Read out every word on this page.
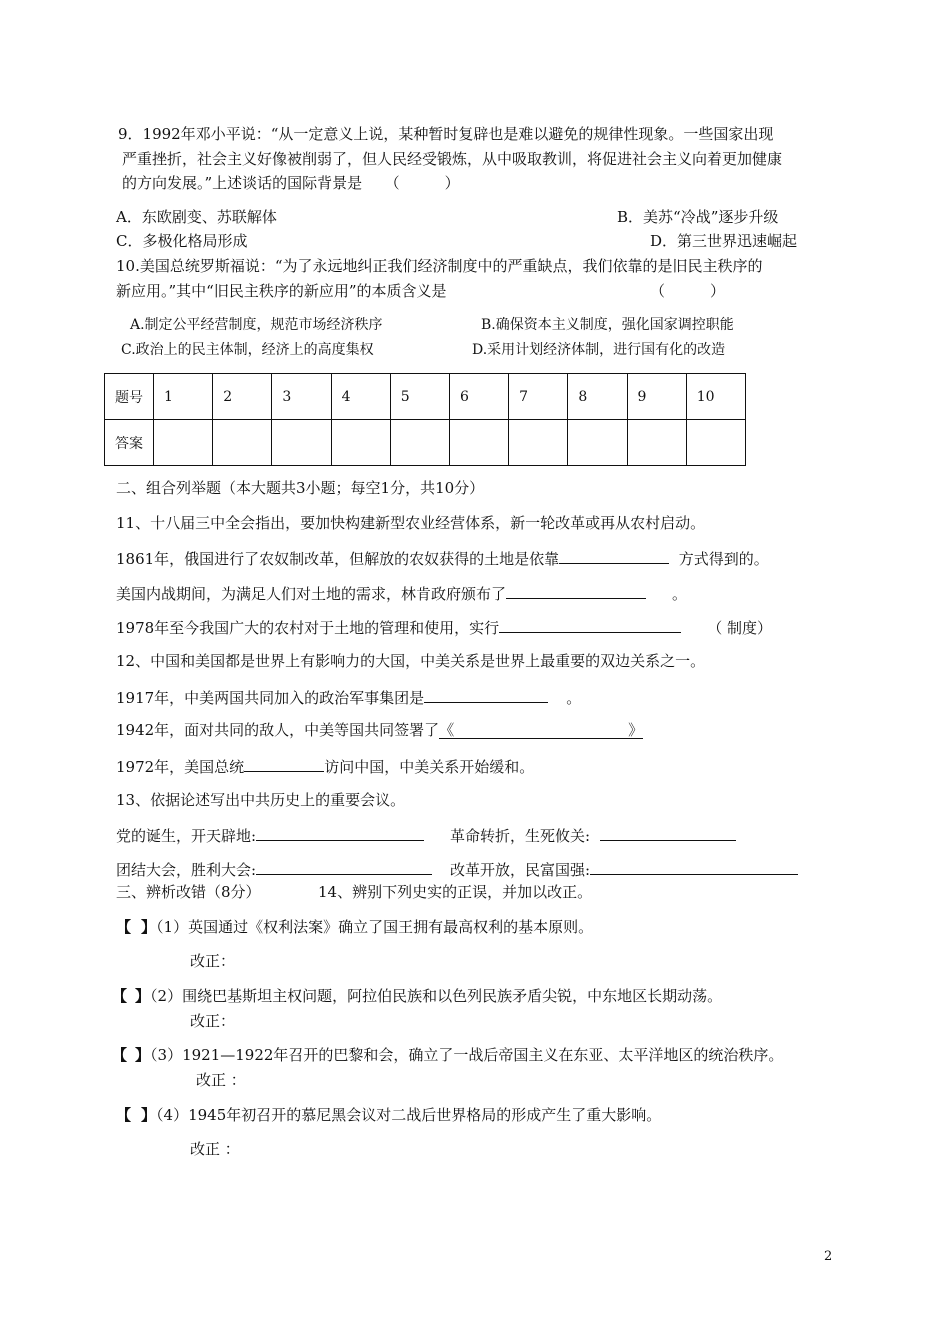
9．1992年邓小平说：“从一定意义上说，某种暂时复辟也是难以避免的规律性现象。一些国家出现
严重挫折，社会主义好像被削弱了，但人民经受锻炼，从中吸取教训，将促进社会主义向着更加健康
的方向发展。”上述谈话的国际背景是　　（　　　）
A．东欧剧变、苏联解体	B．美苏“冷战”逐步升级
C．多极化格局形成	D．第三世界迅速崛起
10.美国总统罗斯福说：“为了永远地纠正我们经济制度中的严重缺点，我们依靠的是旧民主秩序的
新应用。”其中“旧民主秩序的新应用”的本质含义是	（　　　）
A.制定公平经营制度，规范市场经济秩序	B.确保资本主义制度，强化国家调控职能
C.政治上的民主体制，经济上的高度集权	D.采用计划经济体制，进行国有化的改造
题号	1	2	3	4	5	6	7	8	9	10
答案										
二、组合列举题（本大题共3小题；每空1分，共10分）
11、十八届三中全会指出，要加快构建新型农业经营体系，新一轮改革或再从农村启动。
1861年，俄国进行了农奴制改革，但解放的农奴获得的土地是依靠	方式得到的。
美国内战期间，为满足人们对土地的需求，林肯政府颁布了	。
1978年至今我国广大的农村对于土地的管理和使用，实行	（ 制度）
12、中国和美国都是世界上有影响力的大国，中美关系是世界上最重要的双边关系之一。
1917年，中美两国共同加入的政治军事集团是	。
1942年，面对共同的敌人，中美等国共同签署了《	》
1972年，美国总统	访问中国，中美关系开始缓和。
13、依据论述写出中共历史上的重要会议。
党的诞生，开天辟地:	革命转折，生死攸关:
团结大会，胜利大会:	改革开放，民富国强:
三、辨析改错（8分）	14、辨别下列史实的正误，并加以改正。
【 】（1）英国通过《权利法案》确立了国王拥有最高权利的基本原则。
改正：
【 】（2）围绕巴基斯坦主权问题，阿拉伯民族和以色列民族矛盾尖锐，中东地区长期动荡。
改正：
【 】（3）1921—1922年召开的巴黎和会，确立了一战后帝国主义在东亚、太平洋地区的统治秩序。
改正 ：
【 】（4）1945年初召开的慕尼黑会议对二战后世界格局的形成产生了重大影响。
改正 ：
2
